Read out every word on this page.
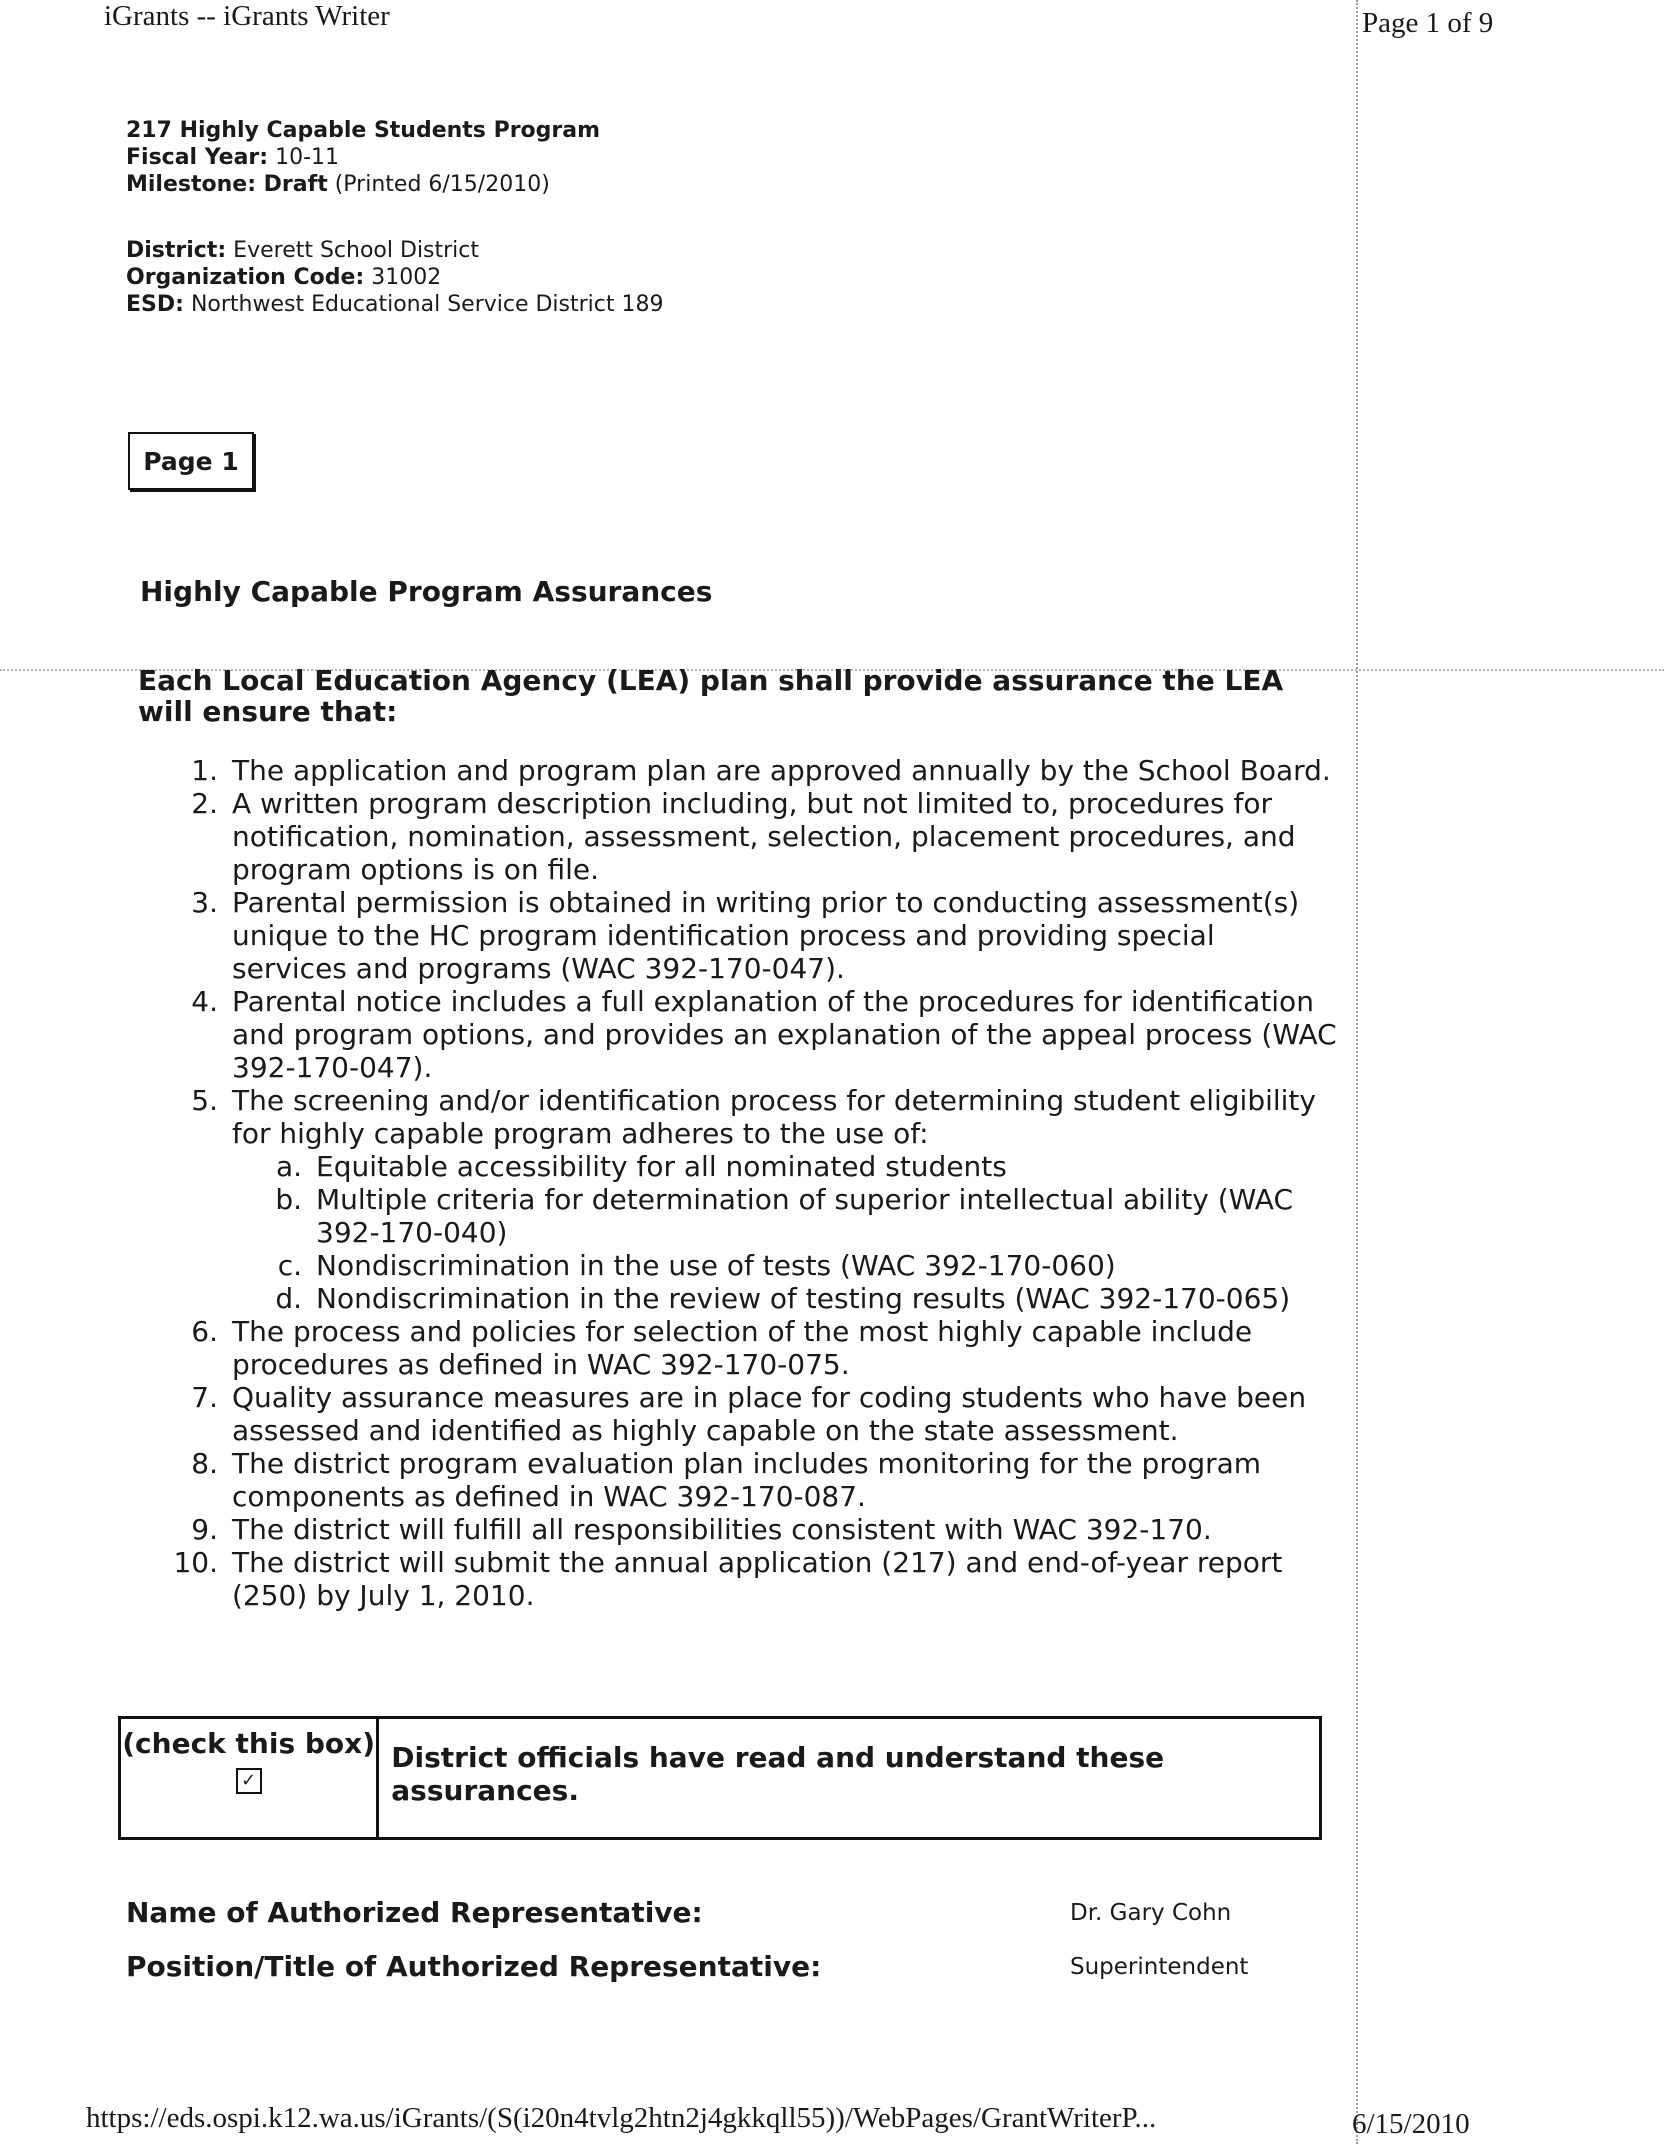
iGrants -- iGrants Writer	Page 1 of 9
217 Highly Capable Students Program
Fiscal Year: 10-11
Milestone: Draft (Printed 6/15/2010)
District: Everett School District
Organization Code: 31002
ESD: Northwest Educational Service District 189
Page 1
Highly Capable Program Assurances
Each Local Education Agency (LEA) plan shall provide assurance the LEA will ensure that:
1. The application and program plan are approved annually by the School Board.
2. A written program description including, but not limited to, procedures for notification, nomination, assessment, selection, placement procedures, and program options is on file.
3. Parental permission is obtained in writing prior to conducting assessment(s) unique to the HC program identification process and providing special services and programs (WAC 392-170-047).
4. Parental notice includes a full explanation of the procedures for identification and program options, and provides an explanation of the appeal process (WAC 392-170-047).
5. The screening and/or identification process for determining student eligibility for highly capable program adheres to the use of:
a. Equitable accessibility for all nominated students
b. Multiple criteria for determination of superior intellectual ability (WAC 392-170-040)
c. Nondiscrimination in the use of tests (WAC 392-170-060)
d. Nondiscrimination in the review of testing results (WAC 392-170-065)
6. The process and policies for selection of the most highly capable include procedures as defined in WAC 392-170-075.
7. Quality assurance measures are in place for coding students who have been assessed and identified as highly capable on the state assessment.
8. The district program evaluation plan includes monitoring for the program components as defined in WAC 392-170-087.
9. The district will fulfill all responsibilities consistent with WAC 392-170.
10. The district will submit the annual application (217) and end-of-year report (250) by July 1, 2010.
(check this box)
✓
District officials have read and understand these assurances.
Name of Authorized Representative:	Dr. Gary Cohn
Position/Title of Authorized Representative:	Superintendent
https://eds.ospi.k12.wa.us/iGrants/(S(i20n4tvlg2htn2j4gkkqll55))/WebPages/GrantWriterP...	6/15/2010
